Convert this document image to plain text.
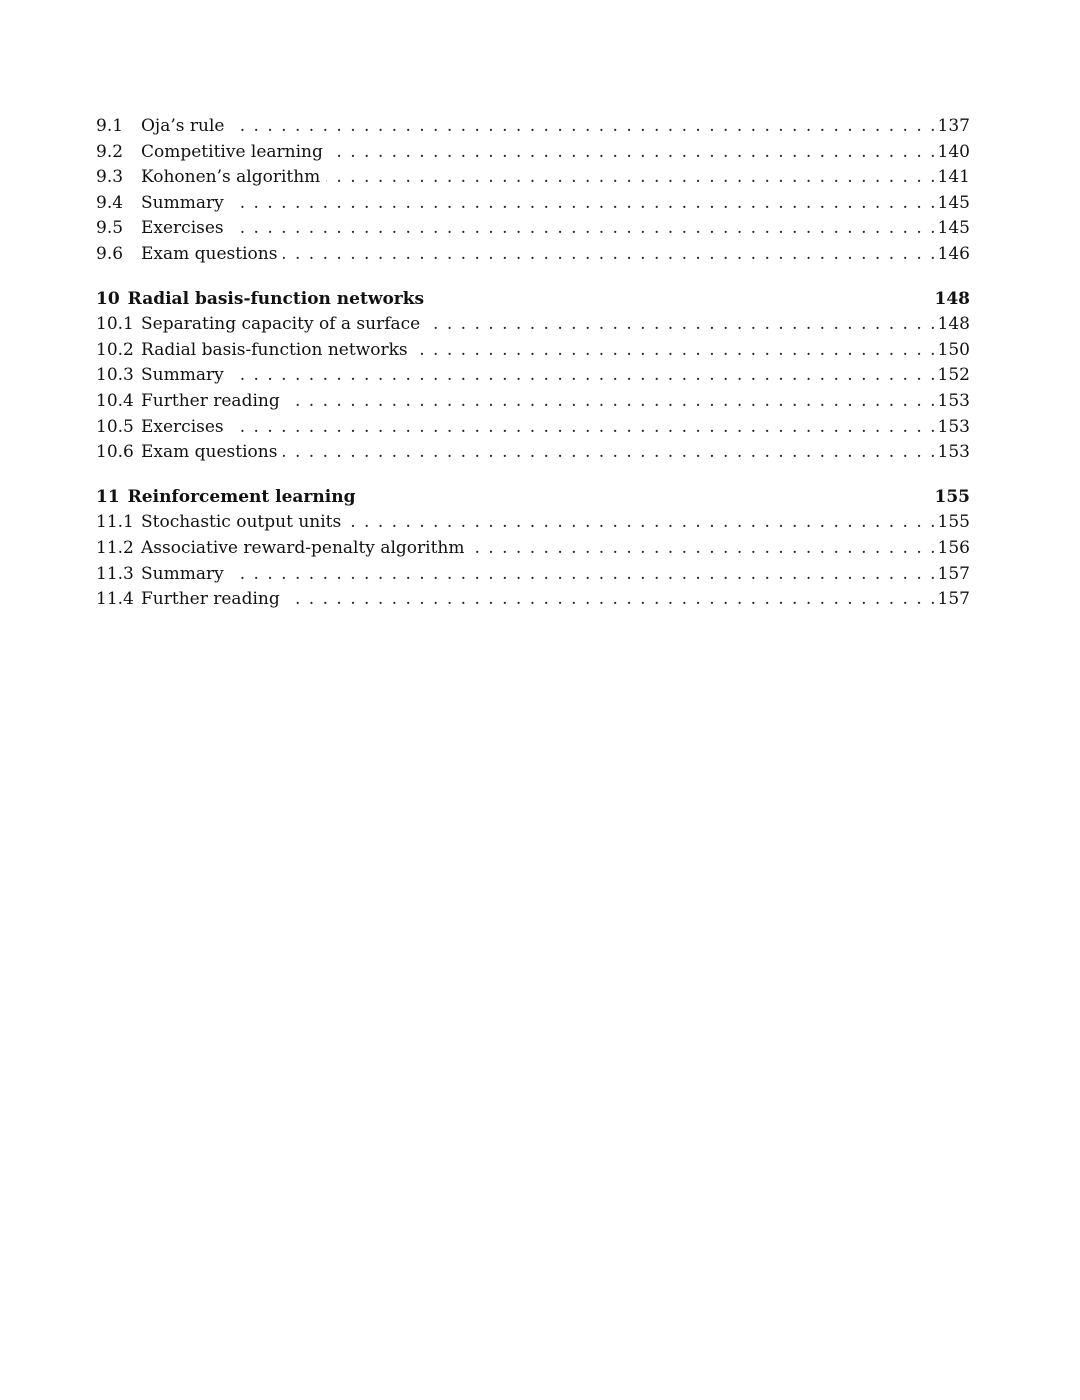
9.1	Oja’s rule . . .	137
9.2	Competitive learning . . .	140
9.3	Kohonen’s algorithm . . .	141
9.4	Summary . . .	145
9.5	Exercises . . .	145
9.6	Exam questions . . .	146
10 Radial basis-function networks	148
10.1 Separating capacity of a surface . . .	148
10.2 Radial basis-function networks . . .	150
10.3 Summary . . .	152
10.4 Further reading . . .	153
10.5 Exercises . . .	153
10.6 Exam questions . . .	153
11 Reinforcement learning	155
11.1 Stochastic output units . . .	155
11.2 Associative reward-penalty algorithm . . .	156
11.3 Summary . . .	157
11.4 Further reading . . .	157
